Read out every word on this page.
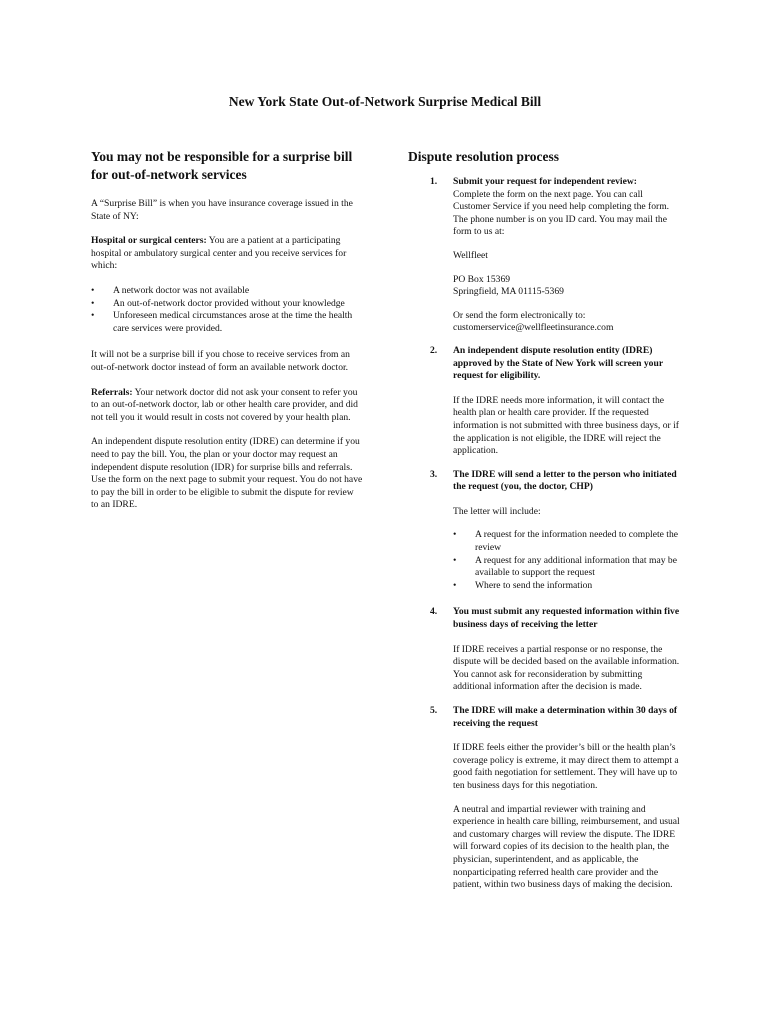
New York State Out-of-Network Surprise Medical Bill
You may not be responsible for a surprise bill for out-of-network services

A “Surprise Bill” is when you have insurance coverage issued in the State of NY:

Hospital or surgical centers: You are a patient at a participating hospital or ambulatory surgical center and you receive services for which:

• A network doctor was not available
• An out-of-network doctor provided without your knowledge
• Unforeseen medical circumstances arose at the time the health care services were provided.

It will not be a surprise bill if you chose to receive services from an out-of-network doctor instead of form an available network doctor.

Referrals: Your network doctor did not ask your consent to refer you to an out-of-network doctor, lab or other health care provider, and did not tell you it would result in costs not covered by your health plan.

An independent dispute resolution entity (IDRE) can determine if you need to pay the bill. You, the plan or your doctor may request an independent dispute resolution (IDR) for surprise bills and referrals. Use the form on the next page to submit your request. You do not have to pay the bill in order to be eligible to submit the dispute for review to an IDRE.

Dispute resolution process
1. Submit your request for independent review:

Complete the form on the next page. You can call Customer Service if you need help completing the form. The phone number is on you ID card. You may mail the form to us at:

Wellfleet

PO Box 15369

Springfield, MA 01115-5369

Or send the form electronically to:
customerservice@wellfleetinsurance.com
2. An independent dispute resolution entity (IDRE) approved by the State of New York will screen your request for eligibility.

If the IDRE needs more information, it will contact the health plan or health care provider. If the requested information is not submitted with three business days, or if the application is not eligible, the IDRE will reject the application.

3. The IDRE will send a letter to the person who initiated the request (you, the doctor, CHP)

The letter will include:

• A request for the information needed to complete the review
• A request for any additional information that may be available to support the request
• Where to send the information
4. You must submit any requested information within five business days of receiving the letter

If IDRE receives a partial response or no response, the dispute will be decided based on the available information. You cannot ask for reconsideration by submitting additional information after the decision is made.

5. The IDRE will make a determination within 30 days of receiving the request

If IDRE feels either the provider’s bill or the health plan’s coverage policy is extreme, it may direct them to attempt a good faith negotiation for settlement. They will have up to ten business days for this negotiation.

A neutral and impartial reviewer with training and experience in health care billing, reimbursement, and usual and customary charges will review the dispute. The IDRE will forward copies of its decision to the health plan, the physician, superintendent, and as applicable, the nonparticipating referred health care provider and the patient, within two business days of making the decision.
